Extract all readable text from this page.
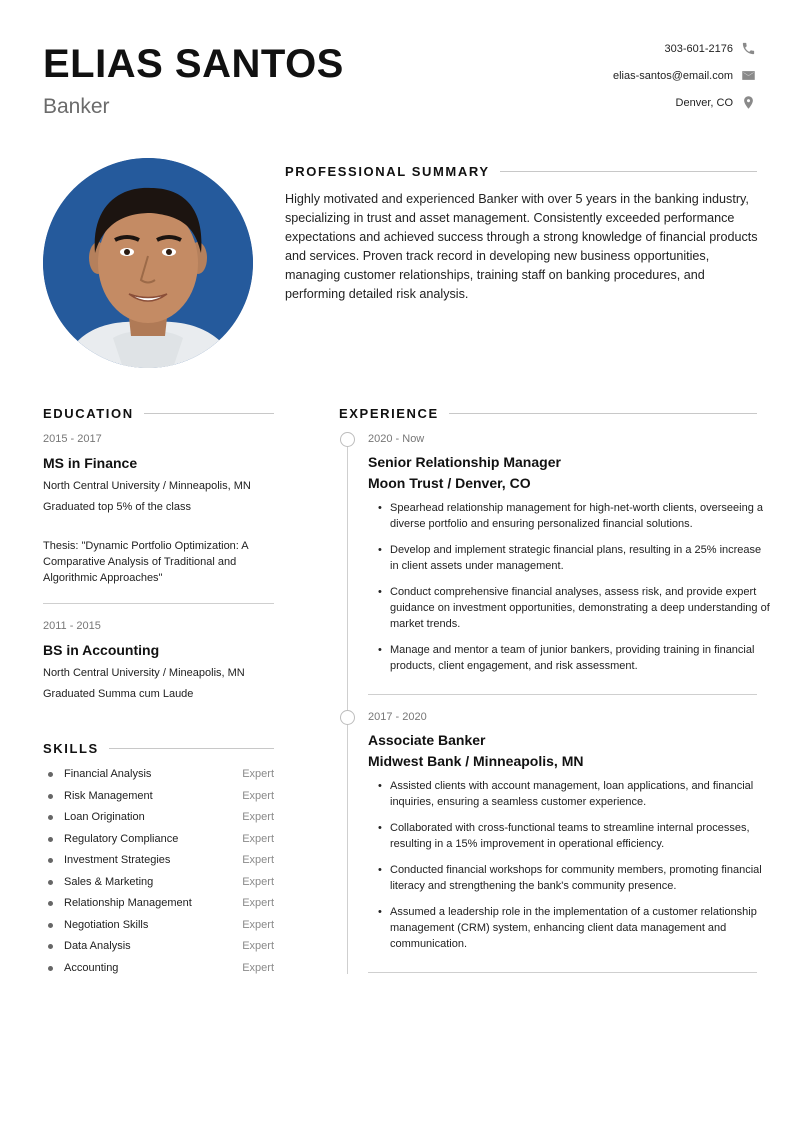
ELIAS SANTOS
Banker
303-601-2176
elias-santos@email.com
Denver, CO
PROFESSIONAL SUMMARY
Highly motivated and experienced Banker with over 5 years in the banking industry, specializing in trust and asset management. Consistently exceeded performance expectations and achieved success through a strong knowledge of financial products and services. Proven track record in developing new business opportunities, managing customer relationships, training staff on banking procedures, and performing detailed risk analysis.
EDUCATION
2015 - 2017
MS in Finance
North Central University / Minneapolis, MN
Graduated top 5% of the class
Thesis: "Dynamic Portfolio Optimization: A Comparative Analysis of Traditional and Algorithmic Approaches"
2011 - 2015
BS in Accounting
North Central University / Mineapolis, MN
Graduated Summa cum Laude
SKILLS
Financial Analysis	Expert
Risk Management	Expert
Loan Origination	Expert
Regulatory Compliance	Expert
Investment Strategies	Expert
Sales & Marketing	Expert
Relationship Management	Expert
Negotiation Skills	Expert
Data Analysis	Expert
Accounting	Expert
EXPERIENCE
2020 - Now
Senior Relationship Manager
Moon Trust / Denver, CO
• Spearhead relationship management for high-net-worth clients, overseeing a diverse portfolio and ensuring personalized financial solutions.
• Develop and implement strategic financial plans, resulting in a 25% increase in client assets under management.
• Conduct comprehensive financial analyses, assess risk, and provide expert guidance on investment opportunities, demonstrating a deep understanding of market trends.
• Manage and mentor a team of junior bankers, providing training in financial products, client engagement, and risk assessment.
2017 - 2020
Associate Banker
Midwest Bank / Minneapolis, MN
• Assisted clients with account management, loan applications, and financial inquiries, ensuring a seamless customer experience.
• Collaborated with cross-functional teams to streamline internal processes, resulting in a 15% improvement in operational efficiency.
• Conducted financial workshops for community members, promoting financial literacy and strengthening the bank's community presence.
• Assumed a leadership role in the implementation of a customer relationship management (CRM) system, enhancing client data management and communication.
